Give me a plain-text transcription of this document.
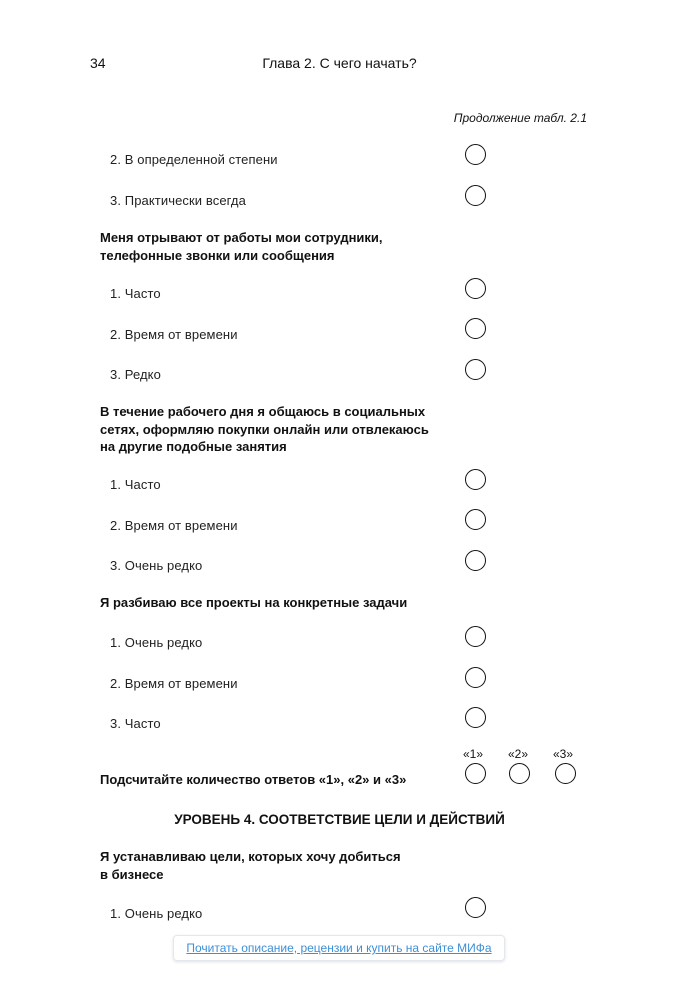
34	Глава 2. С чего начать?
Продолжение табл. 2.1
2. В определенной степени
3. Практически всегда
Меня отрывают от работы мои сотрудники,
телефонные звонки или сообщения
1. Часто
2. Время от времени
3. Редко
В течение рабочего дня я общаюсь в социальных
сетях, оформляю покупки онлайн или отвлекаюсь
на другие подобные занятия
1. Часто
2. Время от времени
3. Очень редко
Я разбиваю все проекты на конкретные задачи
1. Очень редко
2. Время от времени
3. Часто
«1» «2» «3»
Подсчитайте количество ответов «1», «2» и «3»
УРОВЕНЬ 4. СООТВЕТСТВИЕ ЦЕЛИ И ДЕЙСТВИЙ
Я устанавливаю цели, которых хочу добиться
в бизнесе
1. Очень редко
Почитать описание, рецензии и купить на сайте МИФа
